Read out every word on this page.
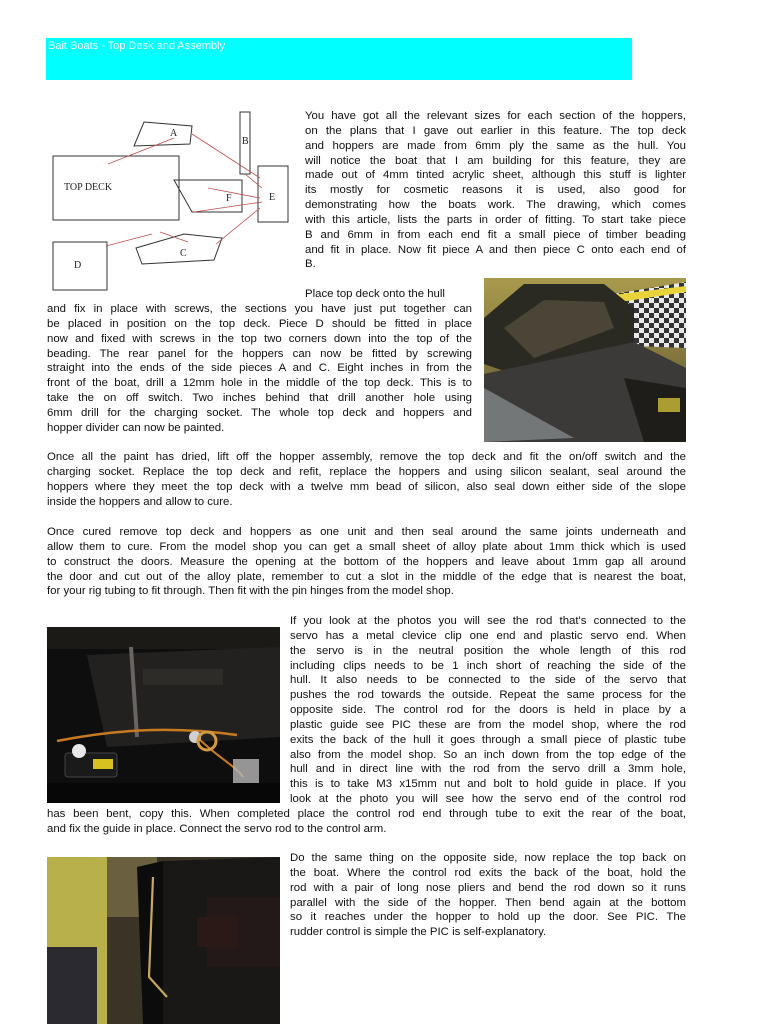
Bait Boats - Top Desk and Assembly
A
B
TOP DECK
F	E
C
D
You have got all the relevant sizes for each section of the hoppers,
on the plans that I gave out earlier in this feature. The top deck
and hoppers are made from 6mm ply the same as the hull. You
will notice the boat that I am building for this feature, they are
made out of 4mm tinted acrylic sheet, although this stuff is lighter
its mostly for cosmetic reasons it is used, also good for
demonstrating how the boats work. The drawing, which comes
with this article, lists the parts in order of fitting. To start take piece
B and 6mm in from each end fit a small piece of timber beading
and fit in place. Now fit piece A and then piece C onto each end of
B.
Place top deck onto the hull
and fix in place with screws, the sections you have just put together can
be placed in position on the top deck. Piece D should be fitted in place
now and fixed with screws in the top two corners down into the top of the
beading. The rear panel for the hoppers can now be fitted by screwing
straight into the ends of the side pieces A and C. Eight inches in from the
front of the boat, drill a 12mm hole in the middle of the top deck. This is to
take the on off switch. Two inches behind that drill another hole using
6mm drill for the charging socket. The whole top deck and hoppers and
hopper divider can now be painted.
Once all the paint has dried, lift off the hopper assembly, remove the top deck and fit the on/off switch and the
charging socket. Replace the top deck and refit, replace the hoppers and using silicon sealant, seal around the
hoppers where they meet the top deck with a twelve mm bead of silicon, also seal down either side of the slope
inside the hoppers and allow to cure.
Once cured remove top deck and hoppers as one unit and then seal around the same joints underneath and
allow them to cure. From the model shop you can get a small sheet of alloy plate about 1mm thick which is used
to construct the doors. Measure the opening at the bottom of the hoppers and leave about 1mm gap all around
the door and cut out of the alloy plate, remember to cut a slot in the middle of the edge that is nearest the boat,
for your rig tubing to fit through. Then fit with the pin hinges from the model shop.
If you look at the photos you will see the rod that's connected to the
servo has a metal clevice clip one end and plastic servo end. When
the servo is in the neutral position the whole length of this rod
including clips needs to be 1 inch short of reaching the side of the
hull. It also needs to be connected to the side of the servo that
pushes the rod towards the outside. Repeat the same process for the
opposite side. The control rod for the doors is held in place by a
plastic guide see PIC these are from the model shop, where the rod
exits the back of the hull it goes through a small piece of plastic tube
also from the model shop. So an inch down from the top edge of the
hull and in direct line with the rod from the servo drill a 3mm hole,
this is to take M3 x15mm nut and bolt to hold guide in place. If you
look at the photo you will see how the servo end of the control rod
has been bent, copy this. When completed place the control rod end through tube to exit the rear of the boat,
and fix the guide in place. Connect the servo rod to the control arm.
Do the same thing on the opposite side, now replace the top back on
the boat. Where the control rod exits the back of the boat, hold the
rod with a pair of long nose pliers and bend the rod down so it runs
parallel with the side of the hopper. Then bend again at the bottom
so it reaches under the hopper to hold up the door. See PIC. The
rudder control is simple the PIC is self-explanatory.
